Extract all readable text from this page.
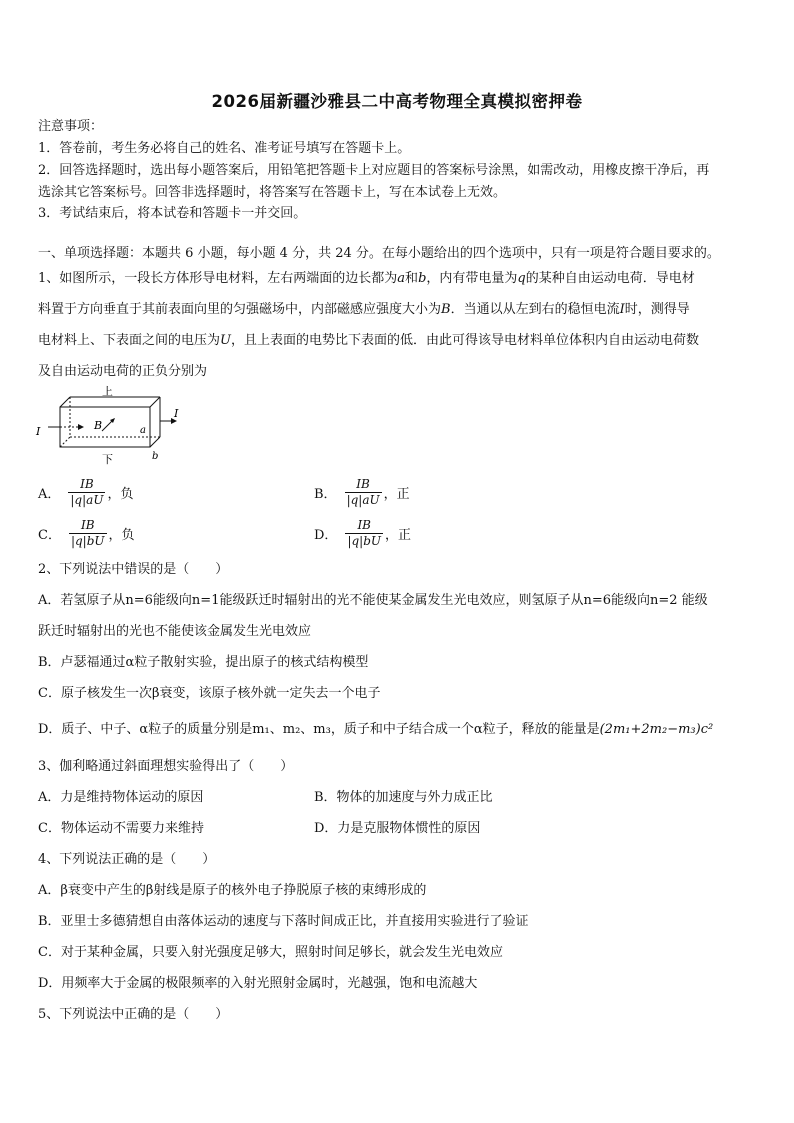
2026届新疆沙雅县二中高考物理全真模拟密押卷
注意事项：
1．答卷前，考生务必将自己的姓名、准考证号填写在答题卡上。
2．回答选择题时，选出每小题答案后，用铅笔把答题卡上对应题目的答案标号涂黑，如需改动，用橡皮擦干净后，再
选涂其它答案标号。回答非选择题时，将答案写在答题卡上，写在本试卷上无效。
3．考试结束后，将本试卷和答题卡一并交回。
一、单项选择题：本题共 6 小题，每小题 4 分，共 24 分。在每小题给出的四个选项中，只有一项是符合题目要求的。
1、如图所示，一段长方体形导电材料，左右两端面的边长都为a和b，内有带电量为q的某种自由运动电荷．导电材
料置于方向垂直于其前表面向里的匀强磁场中，内部磁感应强度大小为B．当通以从左到右的稳恒电流I时，测得导
电材料上、下表面之间的电压为U，且上表面的电势比下表面的低．由此可得该导电材料单位体积内自由运动电荷数
及自由运动电荷的正负分别为
上
下
I
I
B	a
b
A． $\frac{IB}{|q|aU}$ ，负	B． $\frac{IB}{|q|aU}$ ，正
C． $\frac{IB}{|q|bU}$ ，负	D． $\frac{IB}{|q|bU}$ ，正
2、下列说法中错误的是（　　）
A．若氢原子从n=6能级向n=1能级跃迁时辐射出的光不能使某金属发生光电效应，则氢原子从n=6能级向n=2 能级
跃迁时辐射出的光也不能使该金属发生光电效应
B．卢瑟福通过α粒子散射实验，提出原子的核式结构模型
C．原子核发生一次β衰变，该原子核外就一定失去一个电子
D．质子、中子、α粒子的质量分别是m₁、m₂、m₃，质子和中子结合成一个α粒子，释放的能量是(2m₁+2m₂−m₃)c²
3、伽利略通过斜面理想实验得出了（　　）
A．力是维持物体运动的原因	B．物体的加速度与外力成正比
C．物体运动不需要力来维持	D．力是克服物体惯性的原因
4、下列说法正确的是（　　）
A．β衰变中产生的β射线是原子的核外电子挣脱原子核的束缚形成的
B．亚里士多德猜想自由落体运动的速度与下落时间成正比，并直接用实验进行了验证
C．对于某种金属，只要入射光强度足够大，照射时间足够长，就会发生光电效应
D．用频率大于金属的极限频率的入射光照射金属时，光越强，饱和电流越大
5、下列说法中正确的是（　　）
